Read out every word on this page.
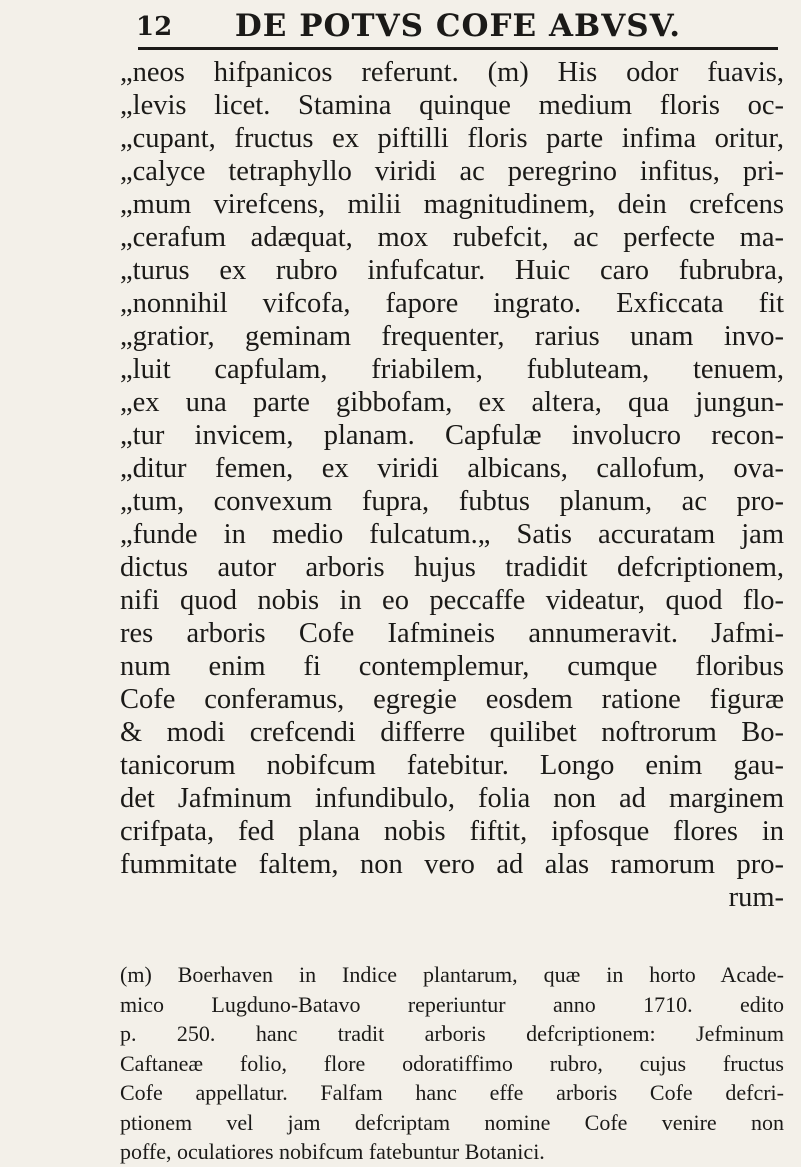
12	DE POTVS COFE ABVSV.
„neos hifpanicos referunt. (m) His odor fuavis,
„levis licet. Stamina quinque medium floris oc-
„cupant, fructus ex piftilli floris parte infima oritur,
„calyce tetraphyllo viridi ac peregrino infitus, pri-
„mum virefcens, milii magnitudinem, dein crefcens
„cerafum adæquat, mox rubefcit, ac perfecte ma-
„turus ex rubro infufcatur. Huic caro fubrubra,
„nonnihil vifcofa, fapore ingrato. Exficcata fit
„gratior, geminam frequenter, rarius unam invo-
„luit capfulam, friabilem, fubluteam, tenuem,
„ex una parte gibbofam, ex altera, qua jungun-
„tur invicem, planam. Capfulæ involucro recon-
„ditur femen, ex viridi albicans, callofum, ova-
„tum, convexum fupra, fubtus planum, ac pro-
„funde in medio fulcatum.„ Satis accuratam jam
dictus autor arboris hujus tradidit defcriptionem,
nifi quod nobis in eo peccaffe videatur, quod flo-
res arboris Cofe Iafmineis annumeravit. Jafmi-
num enim fi contemplemur, cumque floribus
Cofe conferamus, egregie eosdem ratione figuræ
& modi crefcendi differre quilibet noftrorum Bo-
tanicorum nobifcum fatebitur. Longo enim gau-
det Jafminum infundibulo, folia non ad marginem
crifpata, fed plana nobis fiftit, ipfosque flores in
fummitate faltem, non vero ad alas ramorum pro-
rum-
(m) Boerhaven in Indice plantarum, quæ in horto Acade-
mico Lugduno-Batavo reperiuntur anno 1710. edito
p. 250. hanc tradit arboris defcriptionem: Jefminum
Caftaneæ folio, flore odoratiffimo rubro, cujus fructus
Cofe appellatur. Falfam hanc effe arboris Cofe defcri-
ptionem vel jam defcriptam nomine Cofe venire non
poffe, oculatiores nobifcum fatebuntur Botanici.
